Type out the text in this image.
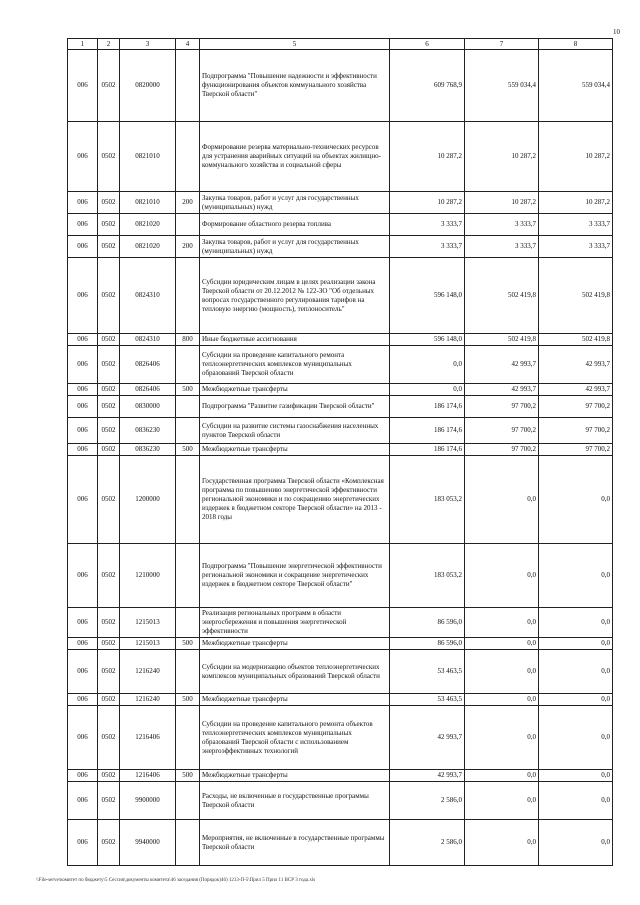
10
1	2	3	4	5	6	7	8
006	0502	0820000		Подпрограмма "Повышение надежности и эффективности функционирования объектов коммунального хозяйства Тверской области"	609 768,9	559 034,4	559 034,4
006	0502	0821010		Формирование резерва материально-технических ресурсов для устранения аварийных ситуаций на объектах жилищно-коммунального хозяйства и социальной сферы	10 287,2	10 287,2	10 287,2
006	0502	0821010	200	Закупка товаров, работ и услуг для государственных (муниципальных) нужд	10 287,2	10 287,2	10 287,2
006	0502	0821020		Формирование областного резерва топлива	3 333,7	3 333,7	3 333,7
006	0502	0821020	200	Закупка товаров, работ и услуг для государственных (муниципальных) нужд	3 333,7	3 333,7	3 333,7
006	0502	0824310		Субсидии юридическим лицам в целях реализации закона Тверской области от 20.12.2012 № 122-ЗО "Об отдельных вопросах государственного регулирования тарифов на тепловую энергию (мощность), теплоноситель"	596 148,0	502 419,8	502 419,8
006	0502	0824310	800	Иные бюджетные ассигнования	596 148,0	502 419,8	502 419,8
006	0502	0826406		Субсидии на проведение капитального ремонта теплоэнергетических комплексов муниципальных образований Тверской области	0,0	42 993,7	42 993,7
006	0502	0826406	500	Межбюджетные трансферты	0,0	42 993,7	42 993,7
006	0502	0830000		Подпрограмма "Развитие газификации Тверской области"	186 174,6	97 700,2	97 700,2
006	0502	0836230		Субсидии на развитие системы газоснабжения населенных пунктов Тверской области	186 174,6	97 700,2	97 700,2
006	0502	0836230	500	Межбюджетные трансферты	186 174,6	97 700,2	97 700,2
006	0502	1200000		Государственная программа Тверской области «Комплексная программа по повышению энергетической эффективности региональной экономики и по сокращению энергетических издержек в бюджетном секторе Тверской области» на 2013 - 2018 годы	183 053,2	0,0	0,0
006	0502	1210000		Подпрограмма "Повышение энергетической эффективности региональной экономики и сокращение энергетических издержек в бюджетном секторе Тверской области"	183 053,2	0,0	0,0
006	0502	1215013		Реализация региональных программ в области энергосбережения и повышения энергетической эффективности	86 596,0	0,0	0,0
006	0502	1215013	500	Межбюджетные трансферты	86 596,0	0,0	0,0
006	0502	1216240		Субсидии на модернизацию объектов теплоэнергетических комплексов муниципальных образований Тверской области	53 463,5	0,0	0,0
006	0502	1216240	500	Межбюджетные трансферты	53 463,5	0,0	0,0
006	0502	1216406		Субсидии на проведение капитального ремонта объектов теплоэнергетических комплексов муниципальных образований Тверской области с использованием энергоэффективных технологий	42 993,7	0,0	0,0
006	0502	1216406	500	Межбюджетные трансферты	42 993,7	0,0	0,0
006	0502	9900000		Расходы, не включенные в государственные программы Тверской области	2 586,0	0,0	0,0
006	0502	9940000		Мероприятия, не включенные в государственные программы Тверской области	2 586,0	0,0	0,0
\\File-serve\комитет по бюджету\5 Сессия\документы комитета\46 заседания (Порядок)46) 1213-П-5\Прил 5 Прил 11 ВСР 3 года.xls
